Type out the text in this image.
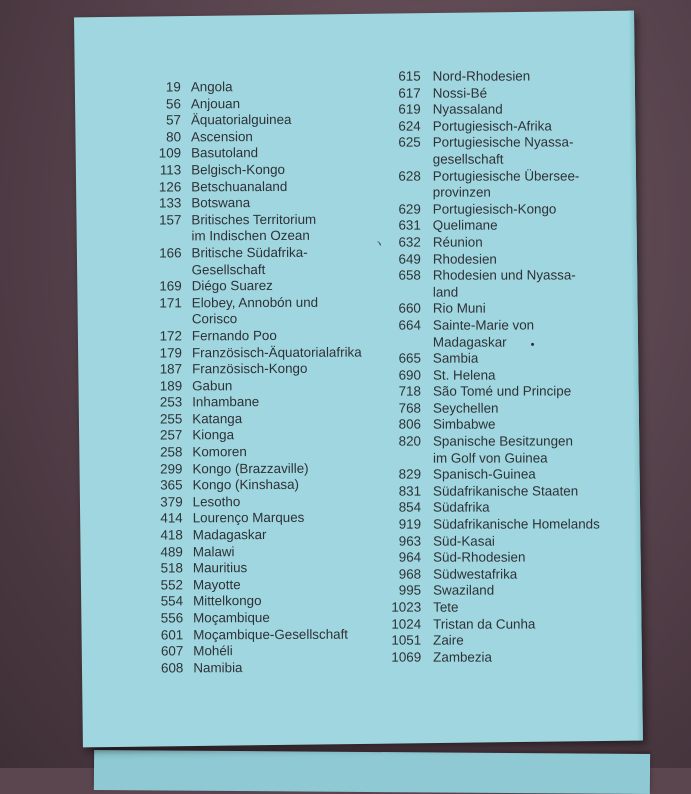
19 Angola
56 Anjouan
57 Äquatorialguinea
80 Ascension
109 Basutoland
113 Belgisch-Kongo
126 Betschuanaland
133 Botswana
157 Britisches Territorium
im Indischen Ozean
166 Britische Südafrika-
Gesellschaft
169 Diégo Suarez
171 Elobey, Annobón und
Corisco
172 Fernando Poo
179 Französisch-Äquatorialafrika
187 Französisch-Kongo
189 Gabun
253 Inhambane
255 Katanga
257 Kionga
258 Komoren
299 Kongo (Brazzaville)
365 Kongo (Kinshasa)
379 Lesotho
414 Lourenço Marques
418 Madagaskar
489 Malawi
518 Mauritius
552 Mayotte
554 Mittelkongo
556 Moçambique
601 Moçambique-Gesellschaft
607 Mohéli
608 Namibia
615 Nord-Rhodesien
617 Nossi-Bé
619 Nyassaland
624 Portugiesisch-Afrika
625 Portugiesische Nyassa-
gesellschaft
628 Portugiesische Übersee-
provinzen
629 Portugiesisch-Kongo
631 Quelimane
ヽ	632 Réunion
649 Rhodesien
658 Rhodesien und Nyassa-
land
660 Rio Muni
664 Sainte-Marie von
Madagaskar
665 Sambia
690 St. Helena
718 São Tomé und Principe
768 Seychellen
806 Simbabwe
820 Spanische Besitzungen
im Golf von Guinea
829 Spanisch-Guinea
831 Südafrikanische Staaten
854 Südafrika
919 Südafrikanische Homelands
963 Süd-Kasai
964 Süd-Rhodesien
968 Südwestafrika
995 Swaziland
1023 Tete
1024 Tristan da Cunha
1051 Zaire
1069 Zambezia
